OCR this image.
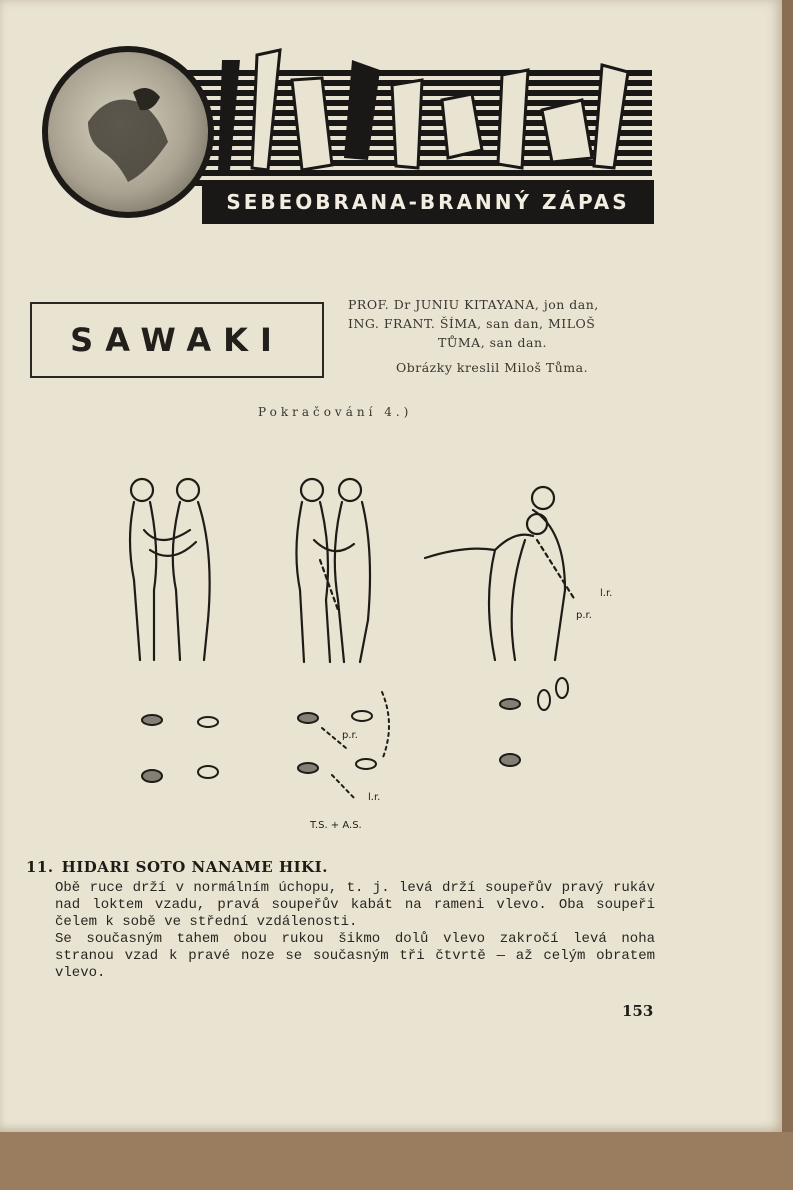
SEBEOBRANA-BRANNÝ ZÁPAS
SAWAKI
PROF. Dr JUNIU KITAYANA, jon dan,
ING. FRANT. ŠÍMA, san dan, MILOŠ
TŮMA, san dan.
Obrázky kreslil Miloš Tůma.
Pokračování 4.)
l.r.
p.r.
p.r.
l.r.
T.S. + A.S.
11. HIDARI SOTO NANAME HIKI.

Obě ruce drží v normálním úchopu, t. j. levá drží soupeřův pravý rukáv nad loktem vzadu, pravá soupeřův kabát na rameni vlevo. Oba soupeři čelem k sobě ve střední vzdálenosti.

Se současným tahem obou rukou šikmo dolů vlevo zakročí levá noha stranou vzad k pravé noze se současným tři čtvrtě — až celým obratem vlevo.

153
